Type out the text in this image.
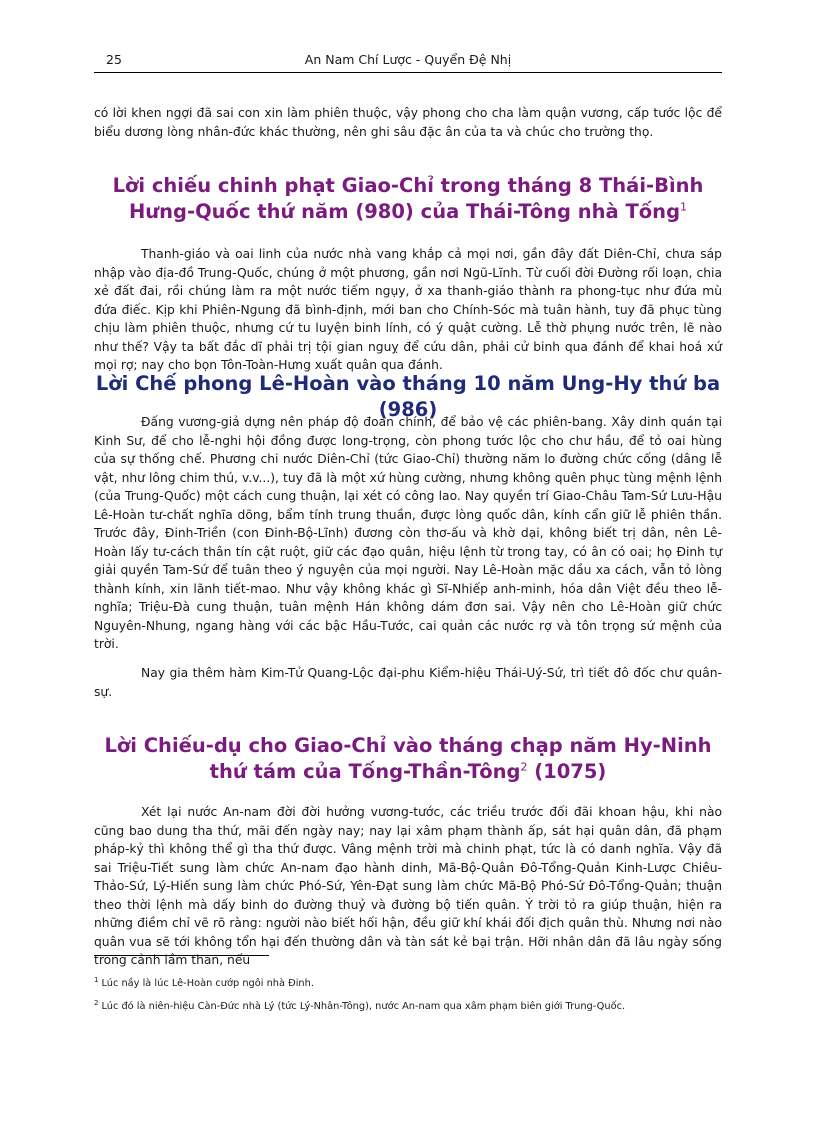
25	An Nam Chí Lược - Quyển Đệ Nhị

có lời khen ngợi đã sai con xin làm phiên thuộc, vậy phong cho cha làm quận vương, cấp tước lộc để biểu dương lòng nhân-đức khác thường, nên ghi sâu đặc ân của ta và chúc cho trường thọ.

Lời chiếu chinh phạt Giao-Chỉ trong tháng 8 Thái-Bình Hưng-Quốc thứ năm (980) của Thái-Tông nhà Tống$^1$

Thanh-giáo và oai linh của nước nhà vang khắp cả mọi nơi, gần đây đất Diên-Chỉ, chưa sáp nhập vào địa-đồ Trung-Quốc, chúng ở một phương, gần nơi Ngũ-Lĩnh. Từ cuối đời Đường rối loạn, chia xẻ đất đai, rồi chúng làm ra một nước tiếm ngụy, ở xa thanh-giáo thành ra phong-tục như đứa mù đứa điếc. Kịp khi Phiên-Ngung đã bình-định, mới ban cho Chính-Sóc mà tuân hành, tuy đã phục tùng chịu làm phiên thuộc, nhưng cứ tu luyện binh lính, có ý quật cường. Lễ thờ phụng nước trên, lẽ nào như thế? Vậy ta bất đắc dĩ phải trị tội gian nguỵ để cứu dân, phải cử binh qua đánh để khai hoá xứ mọi rợ; nay cho bọn Tôn-Toàn-Hưng xuất quân qua đánh.

Lời Chế phong Lê-Hoàn vào tháng 10 năm Ung-Hy thứ ba (986)

Đấng vương-giả dựng nên pháp độ đoan chính, để bảo vệ các phiên-bang. Xây dinh quán tại Kinh Sư, để cho lễ-nghi hội đồng được long-trọng, còn phong tước lộc cho chư hầu, để tỏ oai hùng của sự thống chế. Phương chi nước Diên-Chỉ (tức Giao-Chỉ) thường năm lo đường chức cống (dâng lễ vật, như lông chim thú, v.v...), tuy đã là một xứ hùng cường, nhưng không quên phục tùng mệnh lệnh (của Trung-Quốc) một cách cung thuận, lại xét có công lao. Nay quyền trí Giao-Châu Tam-Sứ Lưu-Hậu Lê-Hoàn tư-chất nghĩa dõng, bẩm tính trung thuần, được lòng quốc dân, kính cẩn giữ lễ phiên thần. Trước đây, Đinh-Triền (con Đinh-Bộ-Lĩnh) đương còn thơ-ấu và khờ dại, không biết trị dân, nên Lê-Hoàn lấy tư-cách thân tín cật ruột, giữ các đạo quân, hiệu lệnh từ trong tay, có ân có oai; họ Đinh tự giải quyền Tam-Sứ để tuân theo ý nguyện của mọi người. Nay Lê-Hoàn mặc dầu xa cách, vẫn tỏ lòng thành kính, xin lãnh tiết-mao. Như vậy không khác gì Sĩ-Nhiếp anh-minh, hóa dân Việt đều theo lễ-nghĩa; Triệu-Đà cung thuận, tuân mệnh Hán không dám đơn sai. Vậy nên cho Lê-Hoàn giữ chức Nguyên-Nhung, ngang hàng với các bậc Hầu-Tước, cai quản các nước rợ và tôn trọng sứ mệnh của trời.

Nay gia thêm hàm Kim-Tử Quang-Lộc đại-phu Kiểm-hiệu Thái-Uý-Sứ, trì tiết đô đốc chư quân-sự.

Lời Chiếu-dụ cho Giao-Chỉ vào tháng chạp năm Hy-Ninh thứ tám của Tống-Thần-Tông$^2$ (1075)

Xét lại nước An-nam đời đời hưởng vương-tước, các triều trước đối đãi khoan hậu, khi nào cũng bao dung tha thứ, mãi đến ngày nay; nay lại xâm phạm thành ấp, sát hại quân dân, đã phạm pháp-kỷ thì không thể gì tha thứ được. Vâng mệnh trời mà chinh phạt, tức là có danh nghĩa. Vậy đã sai Triệu-Tiết sung làm chức An-nam đạo hành dinh, Mã-Bộ-Quân Đô-Tổng-Quản Kinh-Lược Chiêu-Thảo-Sứ, Lý-Hiến sung làm chức Phó-Sứ, Yên-Đạt sung làm chức Mã-Bộ Phó-Sứ Đô-Tổng-Quản; thuận theo thời lệnh mà dấy binh do đường thuỷ và đường bộ tiến quân. Ý trời tỏ ra giúp thuận, hiện ra những điềm chỉ vẽ rõ ràng: người nào biết hối hận, đều giữ khí khái đối địch quân thù. Nhưng nơi nào quân vua sẽ tới không tổn hại đến thường dân và tàn sát kẻ bại trận. Hỡi nhân dân đã lâu ngày sống trong cảnh lầm than, nếu

$^1$ Lúc nầy là lúc Lê-Hoàn cướp ngôi nhà Đinh.

$^2$ Lúc đó là niên-hiệu Càn-Đức nhà Lý (tức Lý-Nhân-Tông), nước An-nam qua xâm phạm biên giới Trung-Quốc.
